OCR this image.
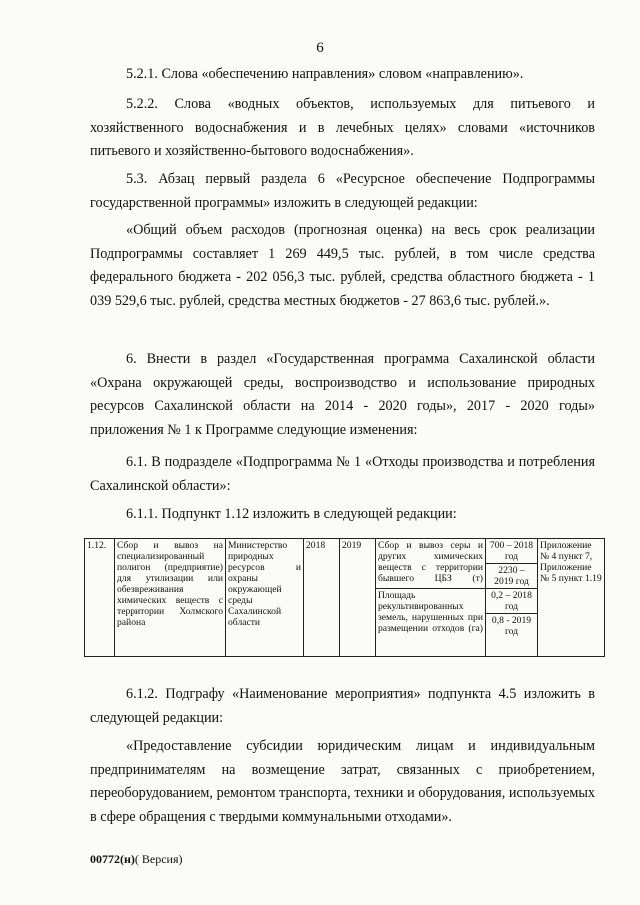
6

5.2.1. Слова «обеспечению направления» словом «направлению».

5.2.2. Слова «водных объектов, используемых для питьевого и хозяйственного водоснабжения и в лечебных целях» словами «источников питьевого и хозяйственно-бытового водоснабжения».

5.3. Абзац первый раздела 6 «Ресурсное обеспечение Подпрограммы государственной программы» изложить в следующей редакции:

«Общий объем расходов (прогнозная оценка) на весь срок реализации Подпрограммы составляет 1 269 449,5 тыс. рублей, в том числе средства федерального бюджета - 202 056,3 тыс. рублей, средства областного бюджета - 1 039 529,6 тыс. рублей, средства местных бюджетов - 27 863,6 тыс. рублей.».

6. Внести в раздел «Государственная программа Сахалинской области «Охрана окружающей среды, воспроизводство и использование природных ресурсов Сахалинской области на 2014 - 2020 годы», 2017 - 2020 годы» приложения № 1 к Программе следующие изменения:

6.1. В подразделе «Подпрограмма № 1 «Отходы производства и потребления Сахалинской области»:

6.1.1. Подпункт 1.12 изложить в следующей редакции:

1.12.	Сбор и вывоз на специализированный полигон (предприятие) для утилизации или обезвреживания химических веществ с территории Холмского района	Министерство природных ресурсов и охраны окружающей среды Сахалинской области	2018	2019	Сбор и вывоз серы и других химических веществ с территории бывшего ЦБЗ (т)	700 – 2018 год	Приложение № 4 пункт 7, Приложение № 5 пункт 1.19
						2230 – 2019 год	
					Площадь рекультивированных земель, нарушенных при размещении отходов (га)	0,2 – 2018 год	
						0,8 - 2019 год	

6.1.2. Подграфу «Наименование мероприятия» подпункта 4.5 изложить в следующей редакции:

«Предоставление субсидии юридическим лицам и индивидуальным предпринимателям на возмещение затрат, связанных с приобретением, переоборудованием, ремонтом транспорта, техники и оборудования, используемых в сфере обращения с твердыми коммунальными отходами».

00772(н)( Версия)
